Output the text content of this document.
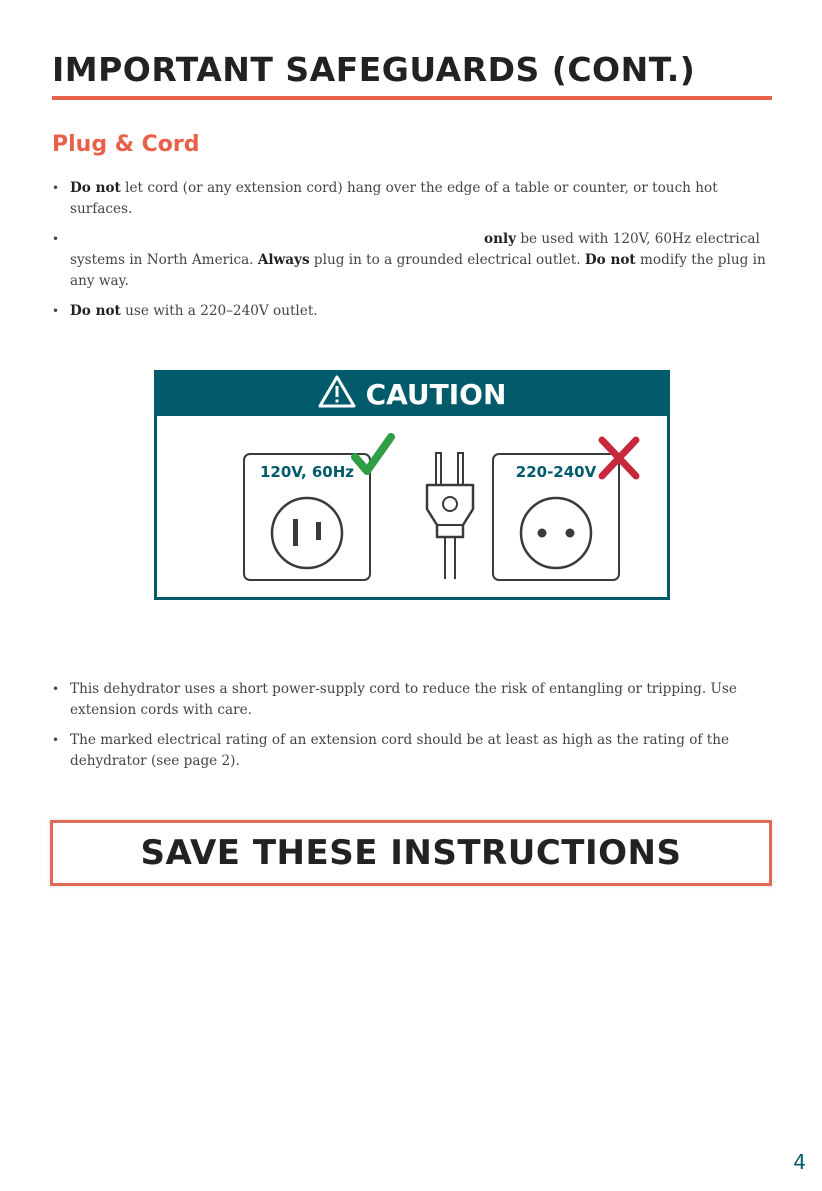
IMPORTANT SAFEGUARDS (CONT.)
Plug & Cord
• Do not let cord (or any extension cord) hang over the edge of a table or counter, or touch hot surfaces.
•	only be used with 120V, 60Hz electrical systems in North America. Always plug in to a grounded electrical outlet. Do not modify the plug in any way.
• Do not use with a 220–240V outlet.
CAUTION
120V, 60Hz	220-240V
• This dehydrator uses a short power-supply cord to reduce the risk of entangling or tripping. Use extension cords with care.
• The marked electrical rating of an extension cord should be at least as high as the rating of the dehydrator (see page 2).
SAVE THESE INSTRUCTIONS
4
